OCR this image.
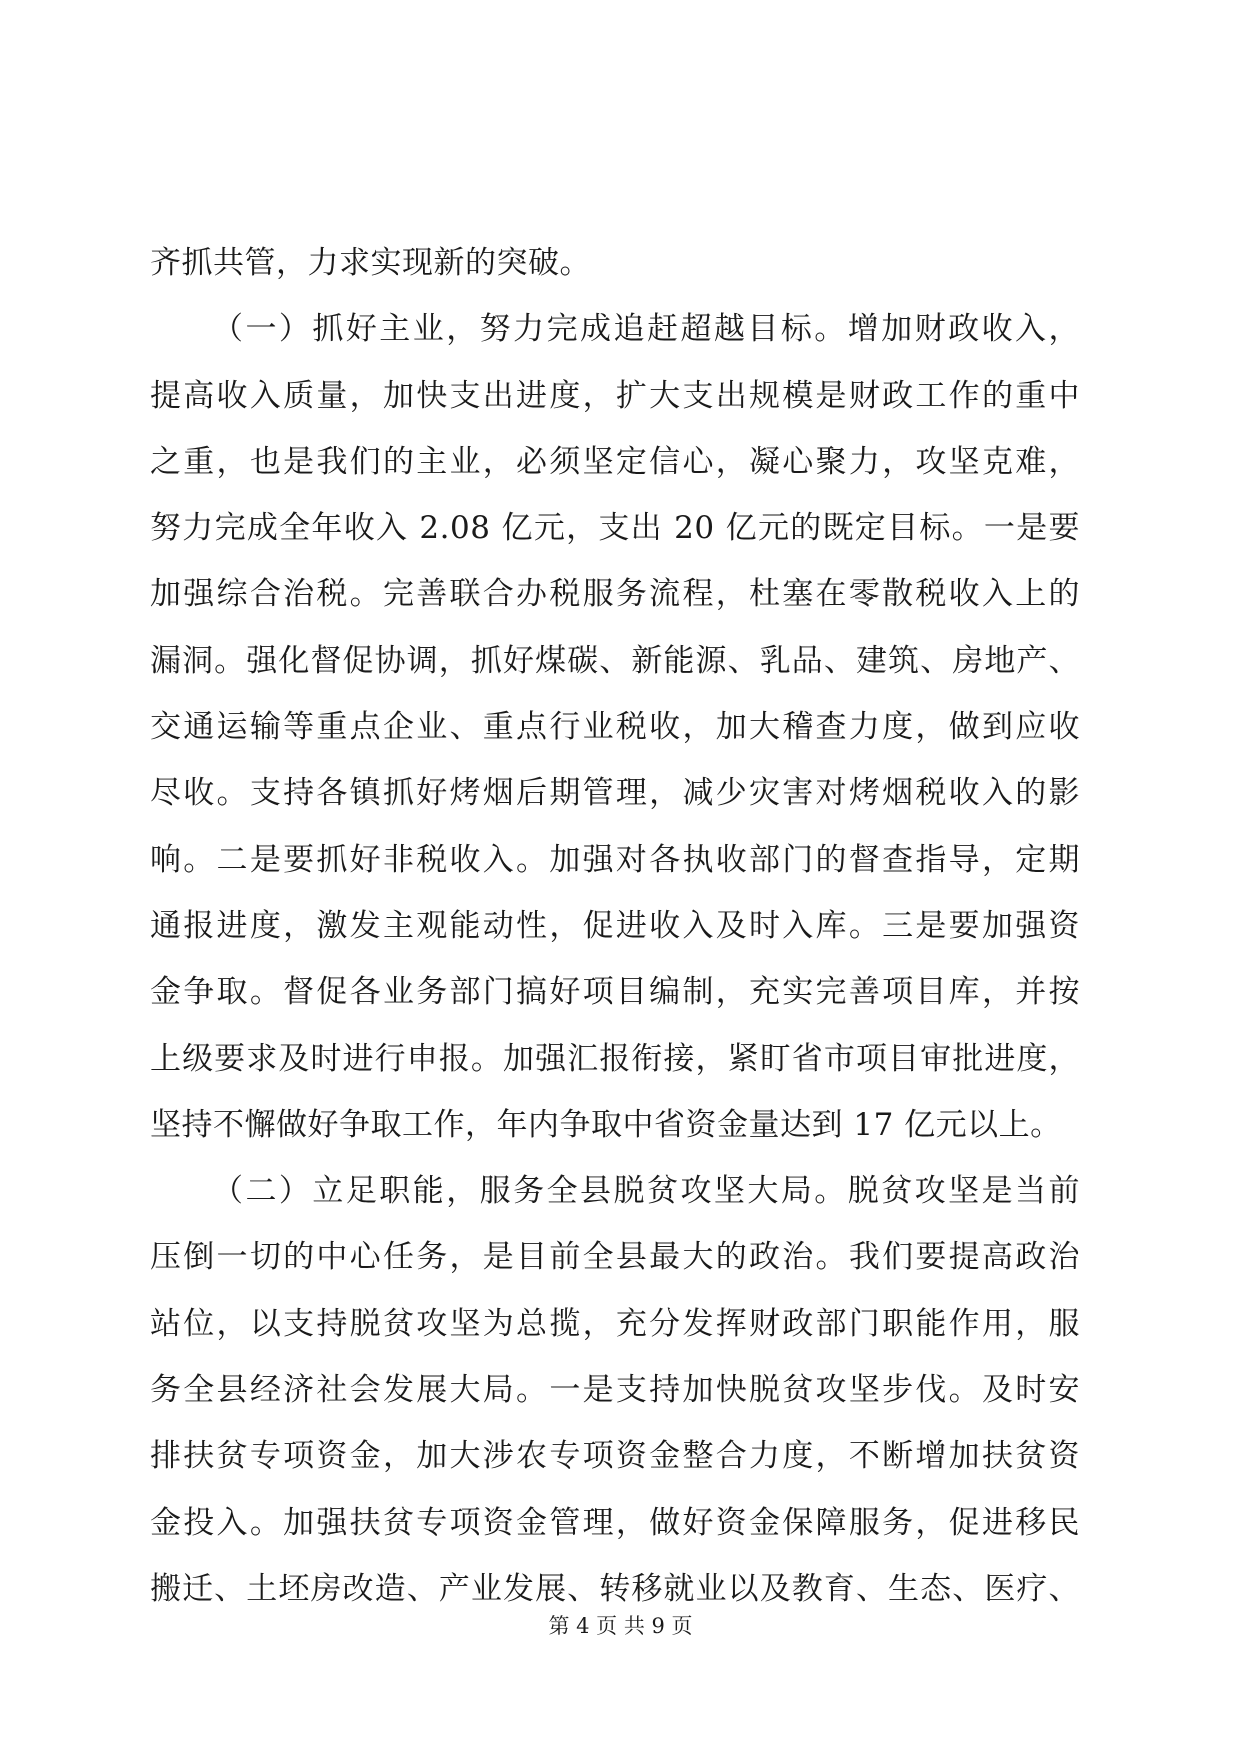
齐抓共管，力求实现新的突破。
（一）抓好主业，努力完成追赶超越目标。增加财政收入，
提高收入质量，加快支出进度，扩大支出规模是财政工作的重中
之重，也是我们的主业，必须坚定信心，凝心聚力，攻坚克难，
努力完成全年收入 2.08 亿元，支出 20 亿元的既定目标。一是要
加强综合治税。完善联合办税服务流程，杜塞在零散税收入上的
漏洞。强化督促协调，抓好煤碳、新能源、乳品、建筑、房地产、
交通运输等重点企业、重点行业税收，加大稽查力度，做到应收
尽收。支持各镇抓好烤烟后期管理，减少灾害对烤烟税收入的影
响。二是要抓好非税收入。加强对各执收部门的督查指导，定期
通报进度，激发主观能动性，促进收入及时入库。三是要加强资
金争取。督促各业务部门搞好项目编制，充实完善项目库，并按
上级要求及时进行申报。加强汇报衔接，紧盯省市项目审批进度，
坚持不懈做好争取工作，年内争取中省资金量达到 17 亿元以上。
（二）立足职能，服务全县脱贫攻坚大局。脱贫攻坚是当前
压倒一切的中心任务，是目前全县最大的政治。我们要提高政治
站位，以支持脱贫攻坚为总揽，充分发挥财政部门职能作用，服
务全县经济社会发展大局。一是支持加快脱贫攻坚步伐。及时安
排扶贫专项资金，加大涉农专项资金整合力度，不断增加扶贫资
金投入。加强扶贫专项资金管理，做好资金保障服务，促进移民
搬迁、土坯房改造、产业发展、转移就业以及教育、生态、医疗、
第 4 页 共 9 页
